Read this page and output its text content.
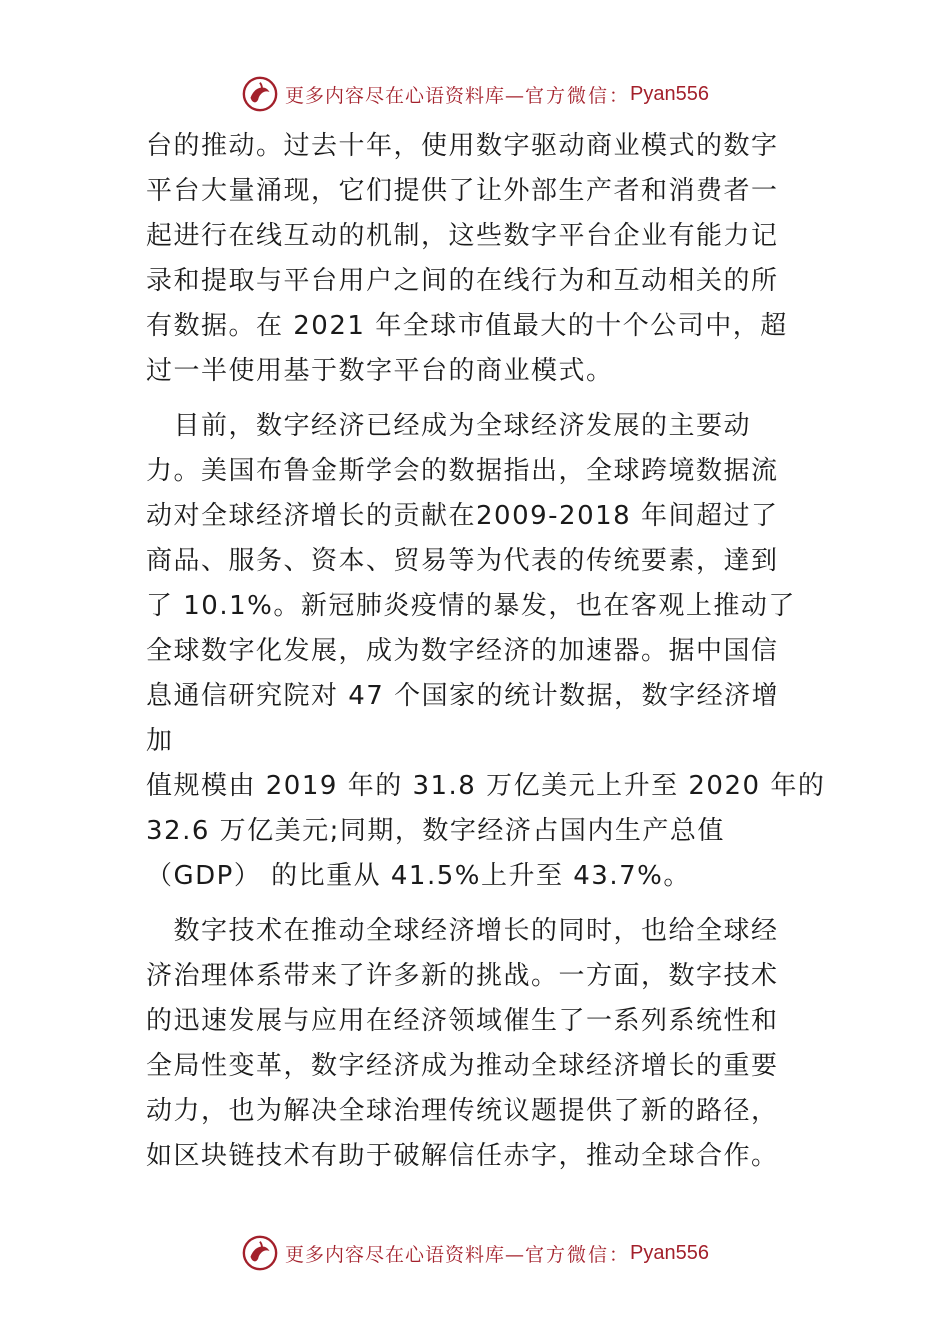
更多内容尽在心语资料库— 官方微信： Pyan556
台的推动。过去十年，使用数字驱动商业模式的数字
平台大量涌现，它们提供了让外部生产者和消费者一
起进行在线互动的机制，这些数字平台企业有能力记
录和提取与平台用户之间的在线行为和互动相关的所
有数据。在 2021 年全球市值最大的十个公司中，超
过一半使用基于数字平台的商业模式。
　目前，数字经济已经成为全球经济发展的主要动
力。美国布鲁金斯学会的数据指出，全球跨境数据流
动对全球经济增长的贡献在2009-2018 年间超过了
商品、服务、资本、贸易等为代表的传统要素，達到
了 10.1%。新冠肺炎疫情的暴发，也在客观上推动了
全球数字化发展，成为数字经济的加速器。据中国信
息通信研究院对 47 个国家的统计数据，数字经济增
加
值规模由 2019 年的 31.8 万亿美元上升至 2020 年的
32.6 万亿美元;同期，数字经济占国内生产总值
（GDP） 的比重从 41.5%上升至 43.7%。
　数字技术在推动全球经济增长的同时，也给全球经
济治理体系带来了许多新的挑战。一方面，数字技术
的迅速发展与应用在经济领域催生了一系列系统性和
全局性变革，数字经济成为推动全球经济增长的重要
动力，也为解决全球治理传统议题提供了新的路径，
如区块链技术有助于破解信任赤字，推动全球合作。
更多内容尽在心语资料库— 官方微信： Pyan556
